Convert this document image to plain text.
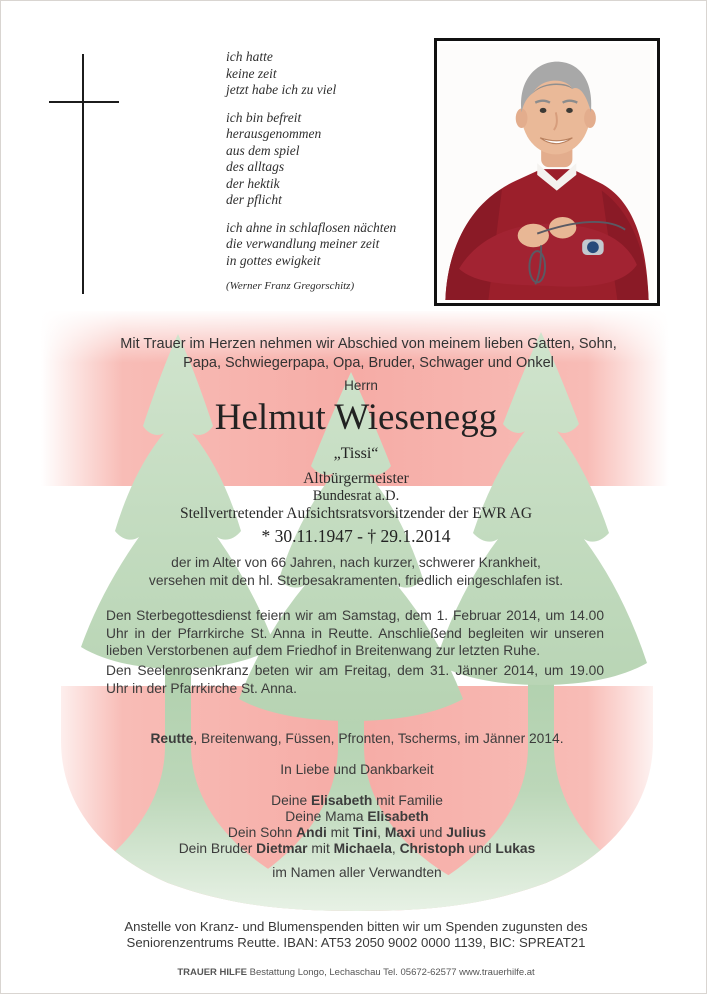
ich hatte
keine zeit
jetzt habe ich zu viel
ich bin befreit
herausgenommen
aus dem spiel
des alltags
der hektik
der pflicht
ich ahne in schlaflosen nächten
die verwandlung meiner zeit
in gottes ewigkeit
(Werner Franz Gregorschitz)
Mit Trauer im Herzen nehmen wir Abschied von meinem lieben Gatten, Sohn,
Papa, Schwiegerpapa, Opa, Bruder, Schwager und Onkel
Herrn
Helmut Wiesenegg
„Tissi“
Altbürgermeister
Bundesrat a.D.
Stellvertretender Aufsichtsratsvorsitzender der EWR AG
* 30.11.1947 - † 29.1.2014
der im Alter von 66 Jahren, nach kurzer, schwerer Krankheit,
versehen mit den hl. Sterbesakramenten, friedlich eingeschlafen ist.
Den Sterbegottesdienst feiern wir am Samstag, dem 1. Februar 2014, um 14.00 Uhr in der Pfarrkirche St. Anna in Reutte. Anschließend begleiten wir unseren lieben Verstorbenen auf dem Friedhof in Breitenwang zur letzten Ruhe.
Den Seelenrosenkranz beten wir am Freitag, dem 31. Jänner 2014, um 19.00 Uhr in der Pfarrkirche St. Anna.
Reutte, Breitenwang, Füssen, Pfronten, Tscherms, im Jänner 2014.
In Liebe und Dankbarkeit
Deine Elisabeth mit Familie
Deine Mama Elisabeth
Dein Sohn Andi mit Tini, Maxi und Julius
Dein Bruder Dietmar mit Michaela, Christoph und Lukas
im Namen aller Verwandten
Anstelle von Kranz- und Blumenspenden bitten wir um Spenden zugunsten des
Seniorenzentrums Reutte. IBAN: AT53 2050 9002 0000 1139, BIC: SPREAT21
TRAUER HILFE Bestattung Longo, Lechaschau Tel. 05672-62577 www.trauerhilfe.at
